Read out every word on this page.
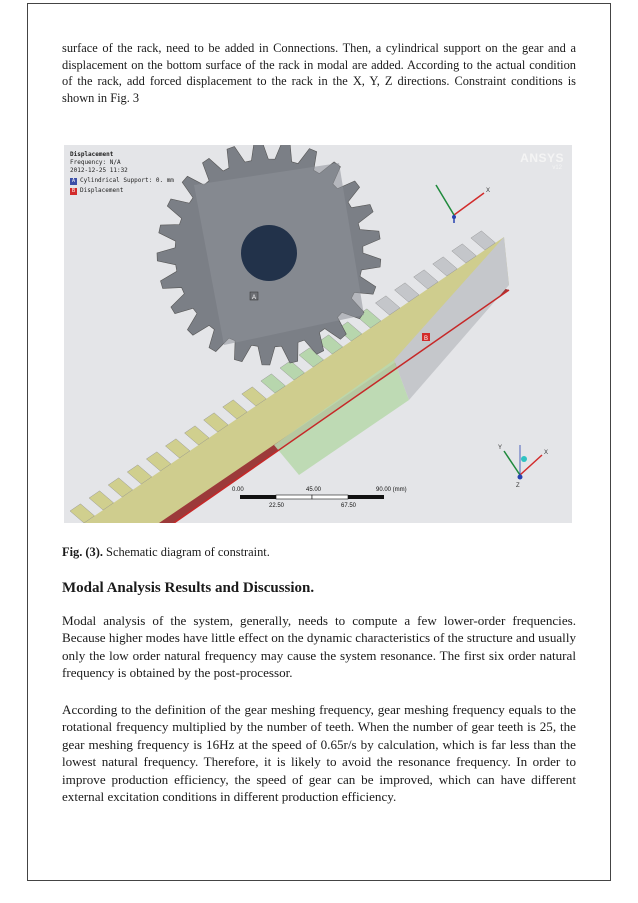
surface of the rack, need to be added in Connections. Then, a cylindrical support on the gear and a displacement on the bottom surface of the rack in modal are added. According to the actual condition of the rack, add forced displacement to the rack in the X, Y, Z directions. Constraint conditions is shown in Fig. 3

A
B
X
X
Y
Z
Displacement
Frequency: N/A
2012-12-25 11:32
A Cylindrical Support: 0. mm
B Displacement
ANSYS
v12
0.00	45.00	90.00 (mm)
22.50	67.50

Fig. (3). Schematic diagram of constraint.

Modal Analysis Results and Discussion.

Modal analysis of the system, generally, needs to compute a few lower-order frequencies. Because higher modes have little effect on the dynamic characteristics of the structure and usually only the low order natural frequency may cause the system resonance. The first six order natural frequency is obtained by the post-processor.

According to the definition of the gear meshing frequency, gear meshing frequency equals to the rotational frequency multiplied by the number of teeth. When the number of gear teeth is 25, the gear meshing frequency is 16Hz at the speed of 0.65r/s by calculation, which is far less than the lowest natural frequency. Therefore, it is likely to avoid the resonance frequency. In order to improve production efficiency, the speed of gear can be improved, which can have different external excitation conditions in different production efficiency.
